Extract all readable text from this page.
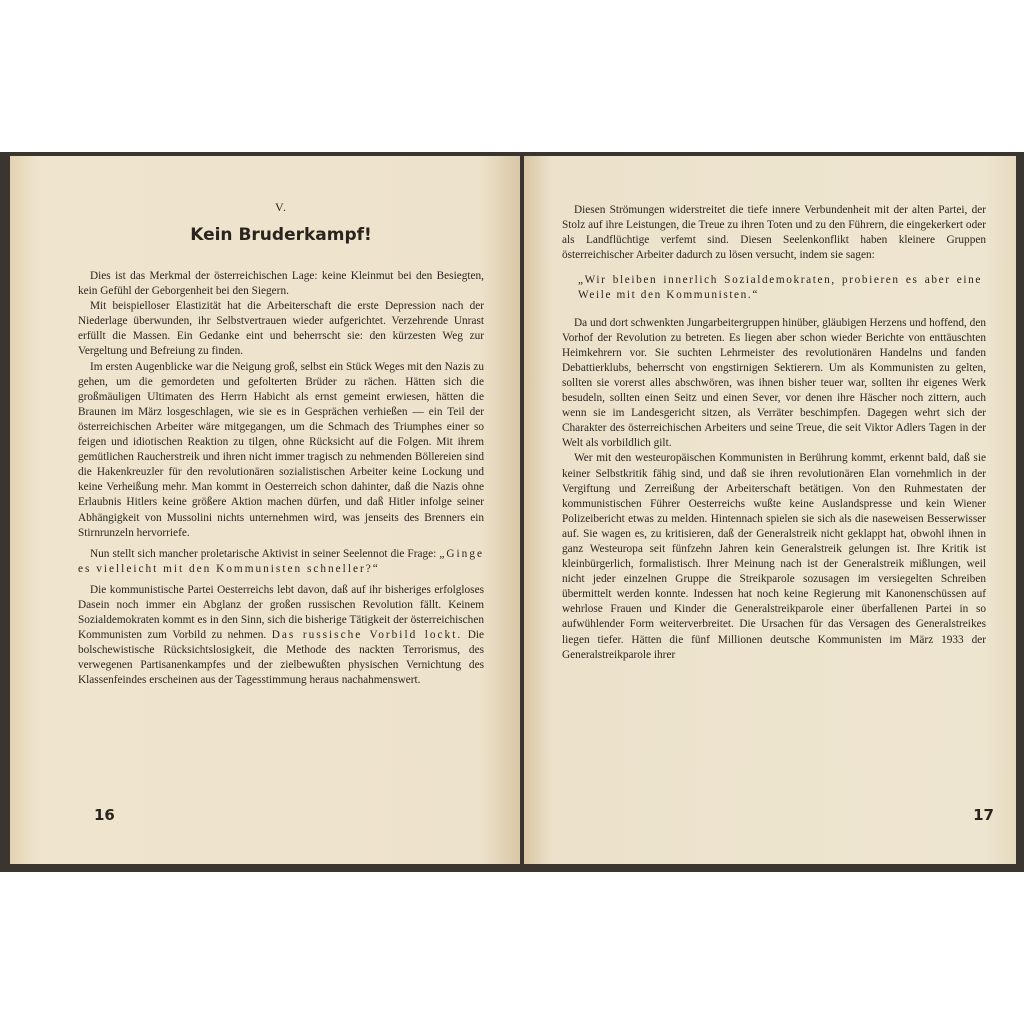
V.
Kein Bruderkampf!

Dies ist das Merkmal der österreichischen Lage: keine Kleinmut bei den Besiegten, kein Gefühl der Geborgenheit bei den Siegern.

Mit beispielloser Elastizität hat die Arbeiterschaft die erste Depression nach der Niederlage überwunden, ihr Selbstvertrauen wieder aufgerichtet. Verzehrende Unrast erfüllt die Massen. Ein Gedanke eint und beherrscht sie: den kürzesten Weg zur Vergeltung und Befreiung zu finden.

Im ersten Augenblicke war die Neigung groß, selbst ein Stück Weges mit den Nazis zu gehen, um die gemordeten und gefolterten Brüder zu rächen. Hätten sich die großmäuligen Ultimaten des Herrn Habicht als ernst gemeint erwiesen, hätten die Braunen im März losgeschlagen, wie sie es in Gesprächen verhießen — ein Teil der österreichischen Arbeiter wäre mitgegangen, um die Schmach des Triumphes einer so feigen und idiotischen Reaktion zu tilgen, ohne Rücksicht auf die Folgen. Mit ihrem gemütlichen Raucherstreik und ihren nicht immer tragisch zu nehmenden Böllereien sind die Hakenkreuzler für den revolutionären sozialistischen Arbeiter keine Lockung und keine Verheißung mehr. Man kommt in Oesterreich schon dahinter, daß die Nazis ohne Erlaubnis Hitlers keine größere Aktion machen dürfen, und daß Hitler infolge seiner Abhängigkeit von Mussolini nichts unternehmen wird, was jenseits des Brenners ein Stirnrunzeln hervorriefe.

Nun stellt sich mancher proletarische Aktivist in seiner Seelennot die Frage: „Ginge es vielleicht mit den Kommunisten schneller?“

Die kommunistische Partei Oesterreichs lebt davon, daß auf ihr bisheriges erfolgloses Dasein noch immer ein Abglanz der großen russischen Revolution fällt. Keinem Sozialdemokraten kommt es in den Sinn, sich die bisherige Tätigkeit der österreichischen Kommunisten zum Vorbild zu nehmen. Das russische Vorbild lockt. Die bolschewistische Rücksichtslosigkeit, die Methode des nackten Terrorismus, des verwegenen Partisanenkampfes und der zielbewußten physischen Vernichtung des Klassenfeindes erscheinen aus der Tagesstimmung heraus nachahmenswert.

16

Diesen Strömungen widerstreitet die tiefe innere Verbundenheit mit der alten Partei, der Stolz auf ihre Leistungen, die Treue zu ihren Toten und zu den Führern, die eingekerkert oder als Landflüchtige verfemt sind. Diesen Seelenkonflikt haben kleinere Gruppen österreichischer Arbeiter dadurch zu lösen versucht, indem sie sagen:

„Wir bleiben innerlich Sozialdemokraten, probieren es aber eine Weile mit den Kommunisten.“

Da und dort schwenkten Jungarbeitergruppen hinüber, gläubigen Herzens und hoffend, den Vorhof der Revolution zu betreten. Es liegen aber schon wieder Berichte von enttäuschten Heimkehrern vor. Sie suchten Lehrmeister des revolutionären Handelns und fanden Debattierklubs, beherrscht von engstirnigen Sektierern. Um als Kommunisten zu gelten, sollten sie vorerst alles abschwören, was ihnen bisher teuer war, sollten ihr eigenes Werk besudeln, sollten einen Seitz und einen Sever, vor denen ihre Häscher noch zittern, auch wenn sie im Landesgericht sitzen, als Verräter beschimpfen. Dagegen wehrt sich der Charakter des österreichischen Arbeiters und seine Treue, die seit Viktor Adlers Tagen in der Welt als vorbildlich gilt.

Wer mit den westeuropäischen Kommunisten in Berührung kommt, erkennt bald, daß sie keiner Selbstkritik fähig sind, und daß sie ihren revolutionären Elan vornehmlich in der Vergiftung und Zerreißung der Arbeiterschaft betätigen. Von den Ruhmestaten der kommunistischen Führer Oesterreichs wußte keine Auslandspresse und kein Wiener Polizeibericht etwas zu melden. Hintennach spielen sie sich als die naseweisen Besserwisser auf. Sie wagen es, zu kritisieren, daß der Generalstreik nicht geklappt hat, obwohl ihnen in ganz Westeuropa seit fünfzehn Jahren kein Generalstreik gelungen ist. Ihre Kritik ist kleinbürgerlich, formalistisch. Ihrer Meinung nach ist der Generalstreik mißlungen, weil nicht jeder einzelnen Gruppe die Streikparole sozusagen im versiegelten Schreiben übermittelt werden konnte. Indessen hat noch keine Regierung mit Kanonenschüssen auf wehrlose Frauen und Kinder die Generalstreikparole einer überfallenen Partei in so aufwühlender Form weiterverbreitet. Die Ursachen für das Versagen des Generalstreikes liegen tiefer. Hätten die fünf Millionen deutsche Kommunisten im März 1933 der Generalstreikparole ihrer

17
